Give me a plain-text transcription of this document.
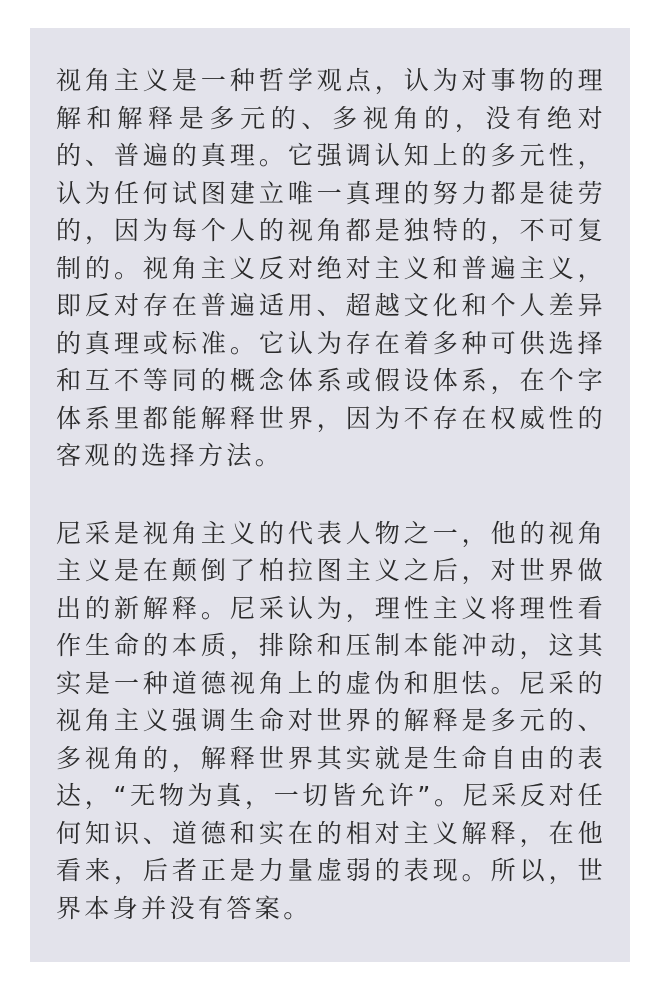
视角主义是一种哲学观点，认为对事物的理解和解释是多元的、多视角的，没有绝对的、普遍的真理。它强调认知上的多元性，认为任何试图建立唯一真理的努力都是徒劳的，因为每个人的视角都是独特的，不可复制的。视角主义反对绝对主义和普遍主义，即反对存在普遍适用、超越文化和个人差异的真理或标准。它认为存在着多种可供选择和互不等同的概念体系或假设体系，在个字体系里都能解释世界，因为不存在权威性的客观的选择方法。

尼采是视角主义的代表人物之一，他的视角主义是在颠倒了柏拉图主义之后，对世界做出的新解释。尼采认为，理性主义将理性看作生命的本质，排除和压制本能冲动，这其实是一种道德视角上的虚伪和胆怯。尼采的视角主义强调生命对世界的解释是多元的、多视角的，解释世界其实就是生命自由的表达，“无物为真，一切皆允许”。尼采反对任何知识、道德和实在的相对主义解释，在他看来，后者正是力量虚弱的表现。所以，世界本身并没有答案。
